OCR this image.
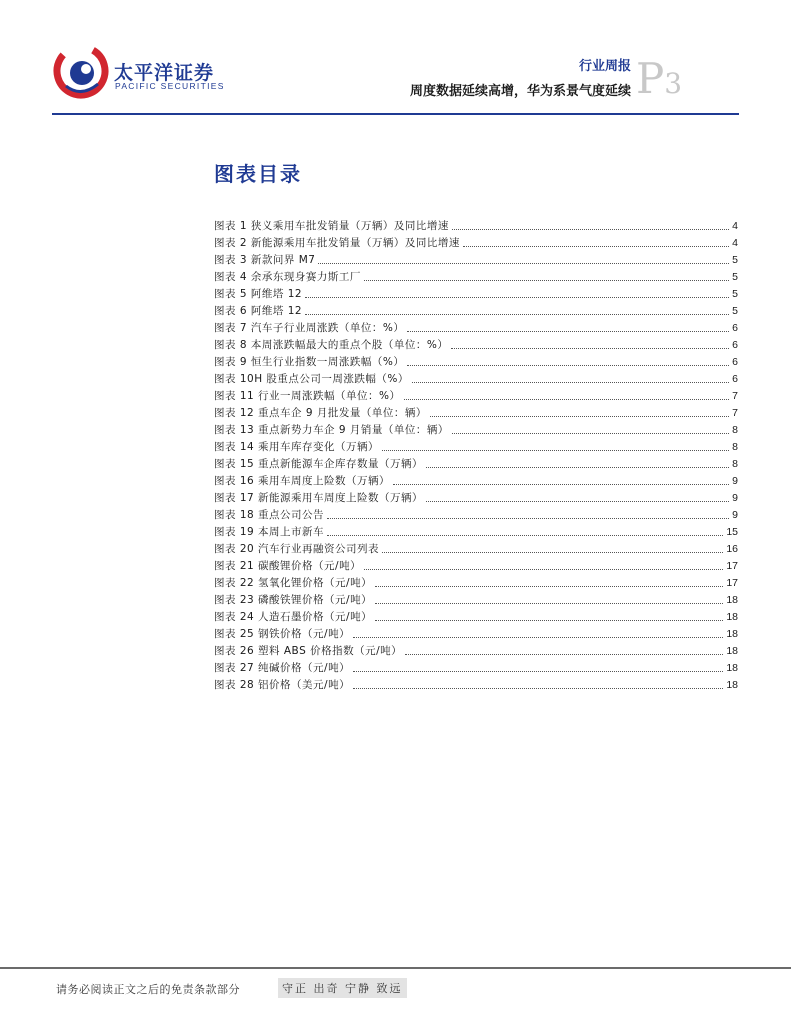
太平洋证券
PACIFIC SECURITIES
行业周报
周度数据延续高增，华为系景气度延续 P3
图表目录
图表 1 狭义乘用车批发销量（万辆）及同比增速	4
图表 2 新能源乘用车批发销量（万辆）及同比增速	4
图表 3 新款问界 M7	5
图表 4 余承东现身赛力斯工厂	5
图表 5 阿维塔 12	5
图表 6 阿维塔 12	5
图表 7 汽车子行业周涨跌（单位：%）	6
图表 8 本周涨跌幅最大的重点个股（单位：%）	6
图表 9 恒生行业指数一周涨跌幅（%）	6
图表 10H 股重点公司一周涨跌幅（%）	6
图表 11 行业一周涨跌幅（单位：%）	7
图表 12 重点车企 9 月批发量（单位：辆）	7
图表 13 重点新势力车企 9 月销量（单位：辆）	8
图表 14 乘用车库存变化（万辆）	8
图表 15 重点新能源车企库存数量（万辆）	8
图表 16 乘用车周度上险数（万辆）	9
图表 17 新能源乘用车周度上险数（万辆）	9
图表 18 重点公司公告	9
图表 19 本周上市新车	15
图表 20 汽车行业再融资公司列表	16
图表 21 碳酸锂价格（元/吨）	17
图表 22 氢氧化锂价格（元/吨）	17
图表 23 磷酸铁锂价格（元/吨）	18
图表 24 人造石墨价格（元/吨）	18
图表 25 钢铁价格（元/吨）	18
图表 26 塑料 ABS 价格指数（元/吨）	18
图表 27 纯碱价格（元/吨）	18
图表 28 铝价格（美元/吨）	18
请务必阅读正文之后的免责条款部分	守正 出奇 宁静 致远
